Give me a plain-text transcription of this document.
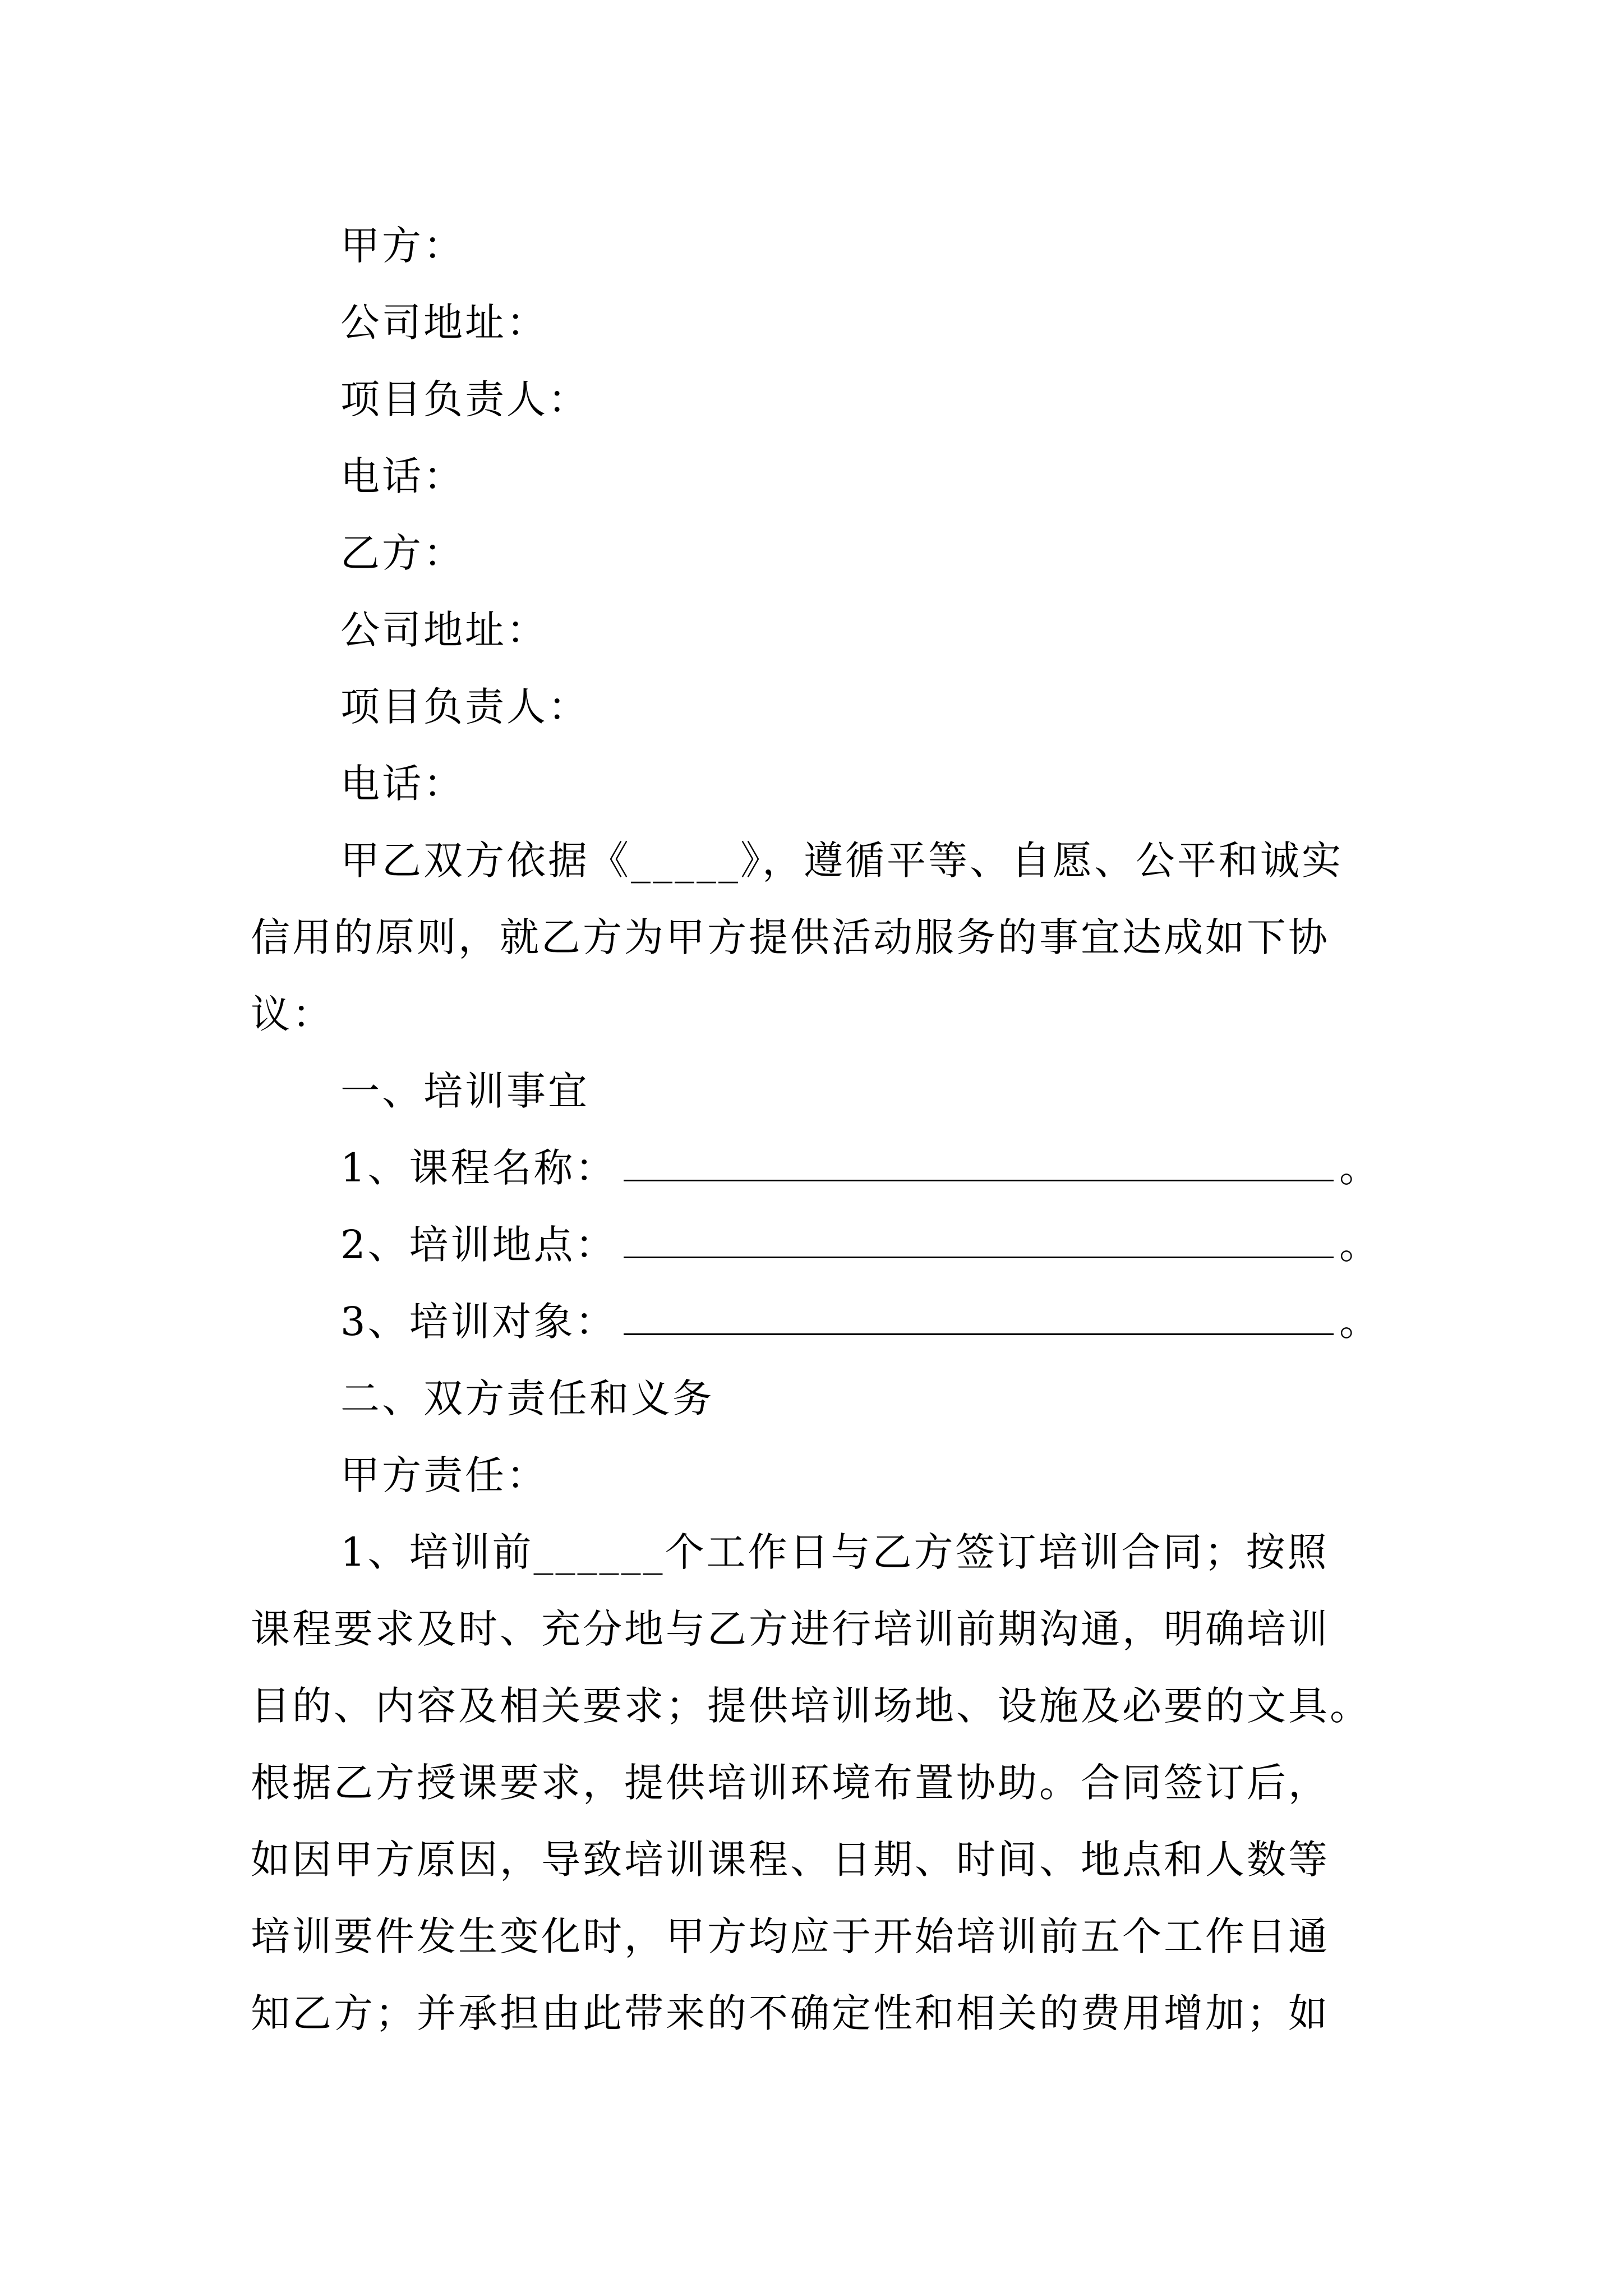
甲方：
公司地址：
项目负责人：
电话：
乙方：
公司地址：
项目负责人：
电话：
甲乙双方依据《_____》，遵循平等、自愿、公平和诚实
信用的原则，就乙方为甲方提供活动服务的事宜达成如下协
议：
一、培训事宜
1、课程名称：	。
2、培训地点：	。
3、培训对象：	。
二、双方责任和义务
甲方责任：
1、培训前______个工作日与乙方签订培训合同；按照
课程要求及时、充分地与乙方进行培训前期沟通，明确培训
目的、内容及相关要求；提供培训场地、设施及必要的文具。
根据乙方授课要求，提供培训环境布置协助。合同签订后，
如因甲方原因，导致培训课程、日期、时间、地点和人数等
培训要件发生变化时，甲方均应于开始培训前五个工作日通
知乙方；并承担由此带来的不确定性和相关的费用增加；如
